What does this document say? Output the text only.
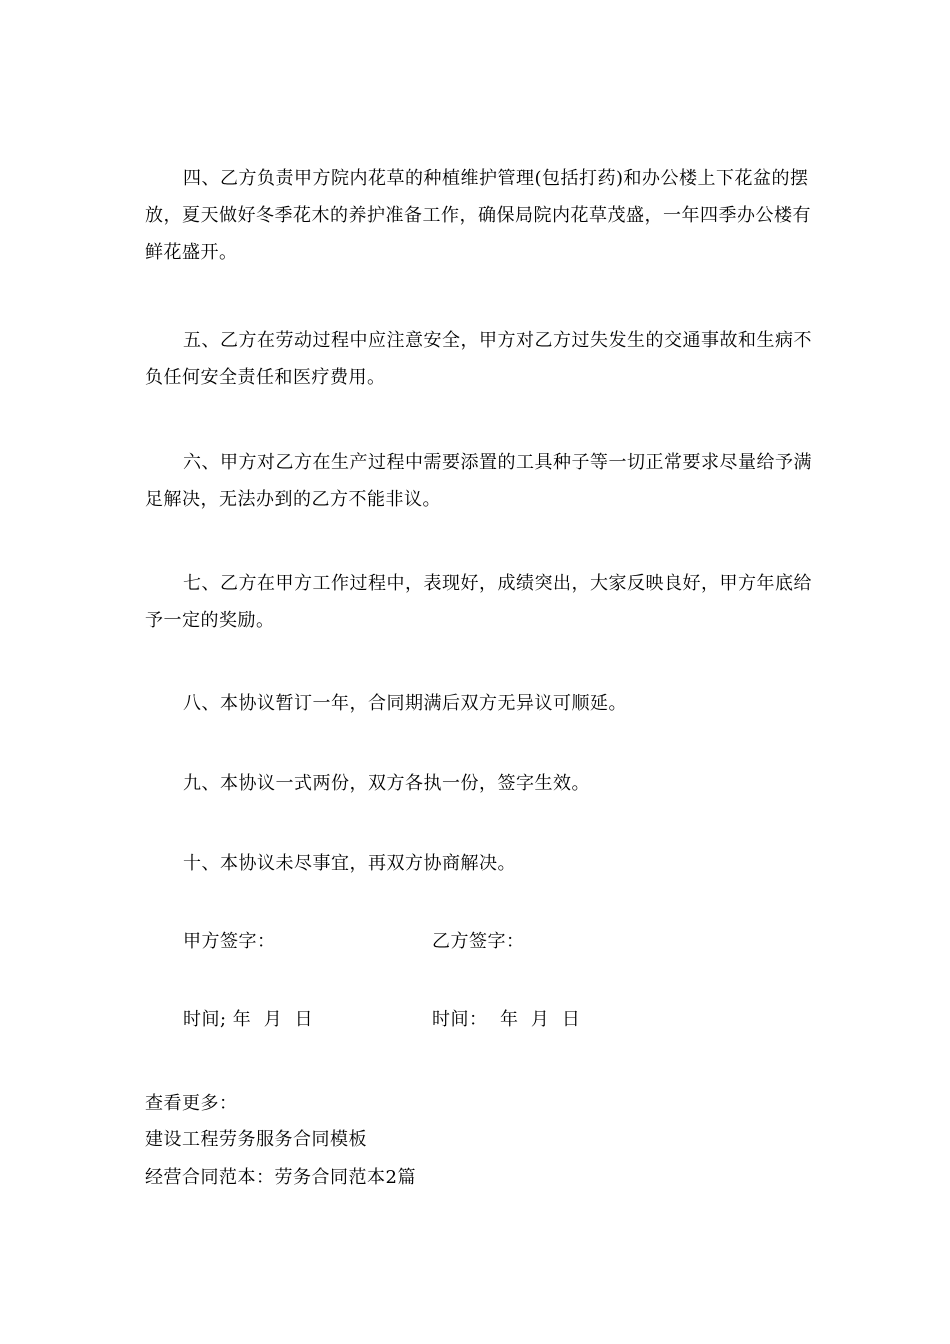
四、乙方负责甲方院内花草的种植维护管理(包括打药)和办公楼上下花盆的摆放，夏天做好冬季花木的养护准备工作，确保局院内花草茂盛，一年四季办公楼有鲜花盛开。

五、乙方在劳动过程中应注意安全，甲方对乙方过失发生的交通事故和生病不负任何安全责任和医疗费用。

六、甲方对乙方在生产过程中需要添置的工具种子等一切正常要求尽量给予满足解决，无法办到的乙方不能非议。

七、乙方在甲方工作过程中，表现好，成绩突出，大家反映良好，甲方年底给予一定的奖励。

八、本协议暂订一年，合同期满后双方无异议可顺延。

九、本协议一式两份，双方各执一份，签字生效。

十、本协议未尽事宜，再双方协商解决。

甲方签字：	乙方签字：
时间; 年  月  日	时间：  年  月  日
查看更多：
建设工程劳务服务合同模板
经营合同范本：劳务合同范本2篇
